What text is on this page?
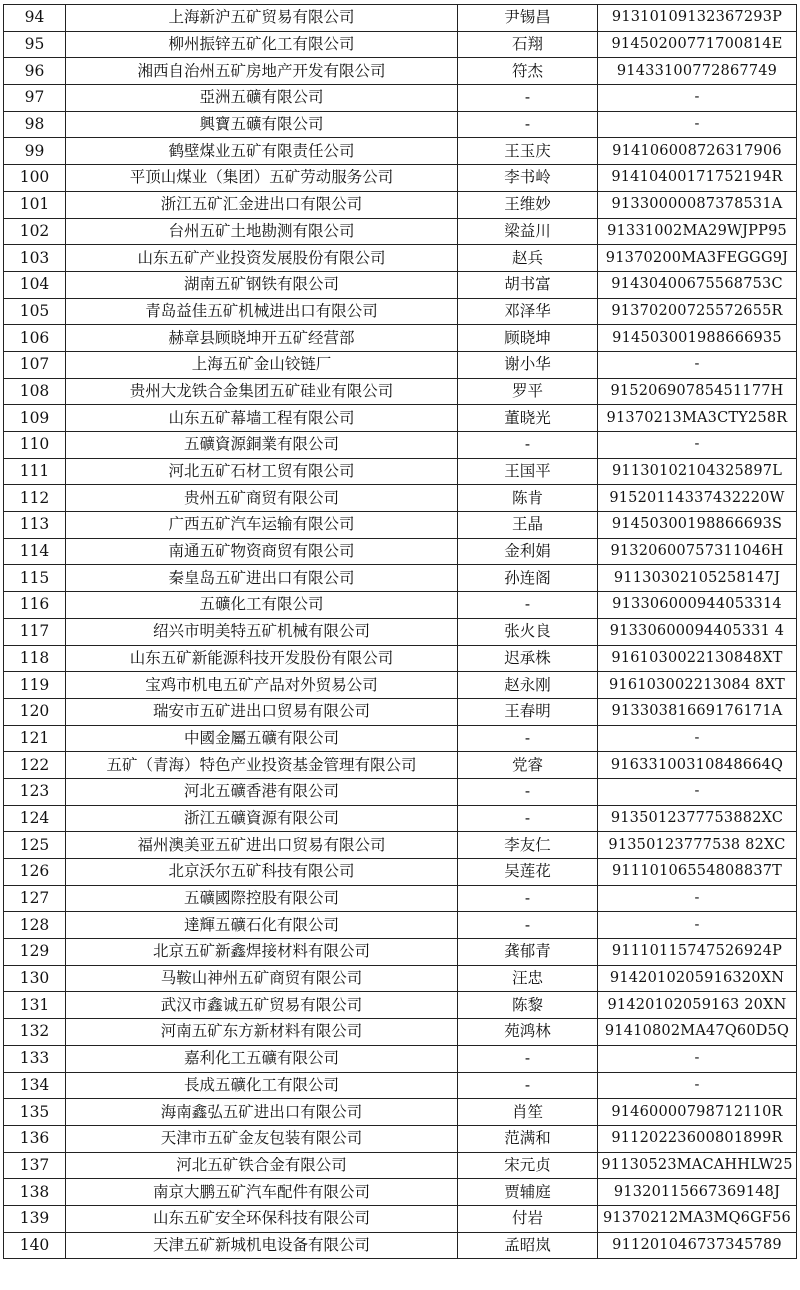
94	上海新沪五矿贸易有限公司	尹锡昌	91310109132367293P
95	柳州振锌五矿化工有限公司	石翔	91450200771700814E
96	湘西自治州五矿房地产开发有限公司	符杰	91433100772867749
97	亞洲五礦有限公司	-	-
98	興寶五礦有限公司	-	-
99	鹤壁煤业五矿有限责任公司	王玉庆	914106008726317906
100	平顶山煤业（集团）五矿劳动服务公司	李书岭	91410400171752194R
101	浙江五矿汇金进出口有限公司	王维妙	91330000087378531A
102	台州五矿土地勘测有限公司	梁益川	91331002MA29WJPP95
103	山东五矿产业投资发展股份有限公司	赵兵	91370200MA3FEGGG9J
104	湖南五矿钢铁有限公司	胡书富	91430400675568753C
105	青岛益佳五矿机械进出口有限公司	邓泽华	91370200725572655R
106	赫章县顾晓坤开五矿经营部	顾晓坤	914503001988666935
107	上海五矿金山铰链厂	谢小华	-
108	贵州大龙铁合金集团五矿硅业有限公司	罗平	91520690785451177H
109	山东五矿幕墙工程有限公司	董晓光	91370213MA3CTY258R
110	五礦資源銅業有限公司	-	-
111	河北五矿石材工贸有限公司	王国平	91130102104325897L
112	贵州五矿商贸有限公司	陈肯	91520114337432220W
113	广西五矿汽车运输有限公司	王晶	91450300198866693S
114	南通五矿物资商贸有限公司	金利娟	91320600757311046H
115	秦皇岛五矿进出口有限公司	孙连阁	91130302105258147J
116	五礦化工有限公司	-	913306000944053314
117	绍兴市明美特五矿机械有限公司	张火良	91330600094405331 4
118	山东五矿新能源科技开发股份有限公司	迟承株	9161030022130848XT
119	宝鸡市机电五矿产品对外贸易公司	赵永刚	916103002213084 8XT
120	瑞安市五矿进出口贸易有限公司	王春明	91330381669176171A
121	中國金屬五礦有限公司	-	-
122	五矿（青海）特色产业投资基金管理有限公司	党睿	91633100310848664Q
123	河北五礦香港有限公司	-	-
124	浙江五礦資源有限公司	-	9135012377753882XC
125	福州澳美亚五矿进出口贸易有限公司	李友仁	91350123777538 82XC
126	北京沃尔五矿科技有限公司	吴莲花	91110106554808837T
127	五礦國際控股有限公司	-	-
128	達輝五礦石化有限公司	-	-
129	北京五矿新鑫焊接材料有限公司	龚郁青	91110115747526924P
130	马鞍山神州五矿商贸有限公司	汪忠	9142010205916320XN
131	武汉市鑫诚五矿贸易有限公司	陈黎	91420102059163 20XN
132	河南五矿东方新材料有限公司	苑鸿林	91410802MA47Q60D5Q
133	嘉利化工五礦有限公司	-	-
134	長成五礦化工有限公司	-	-
135	海南鑫弘五矿进出口有限公司	肖笙	91460000798712110R
136	天津市五矿金友包装有限公司	范满和	91120223600801899R
137	河北五矿铁合金有限公司	宋元贞	91130523MACAHHLW25
138	南京大鹏五矿汽车配件有限公司	贾辅庭	91320115667369148J
139	山东五矿安全环保科技有限公司	付岩	91370212MA3MQ6GF56
140	天津五矿新城机电设备有限公司	孟昭岚	911201046737345789
